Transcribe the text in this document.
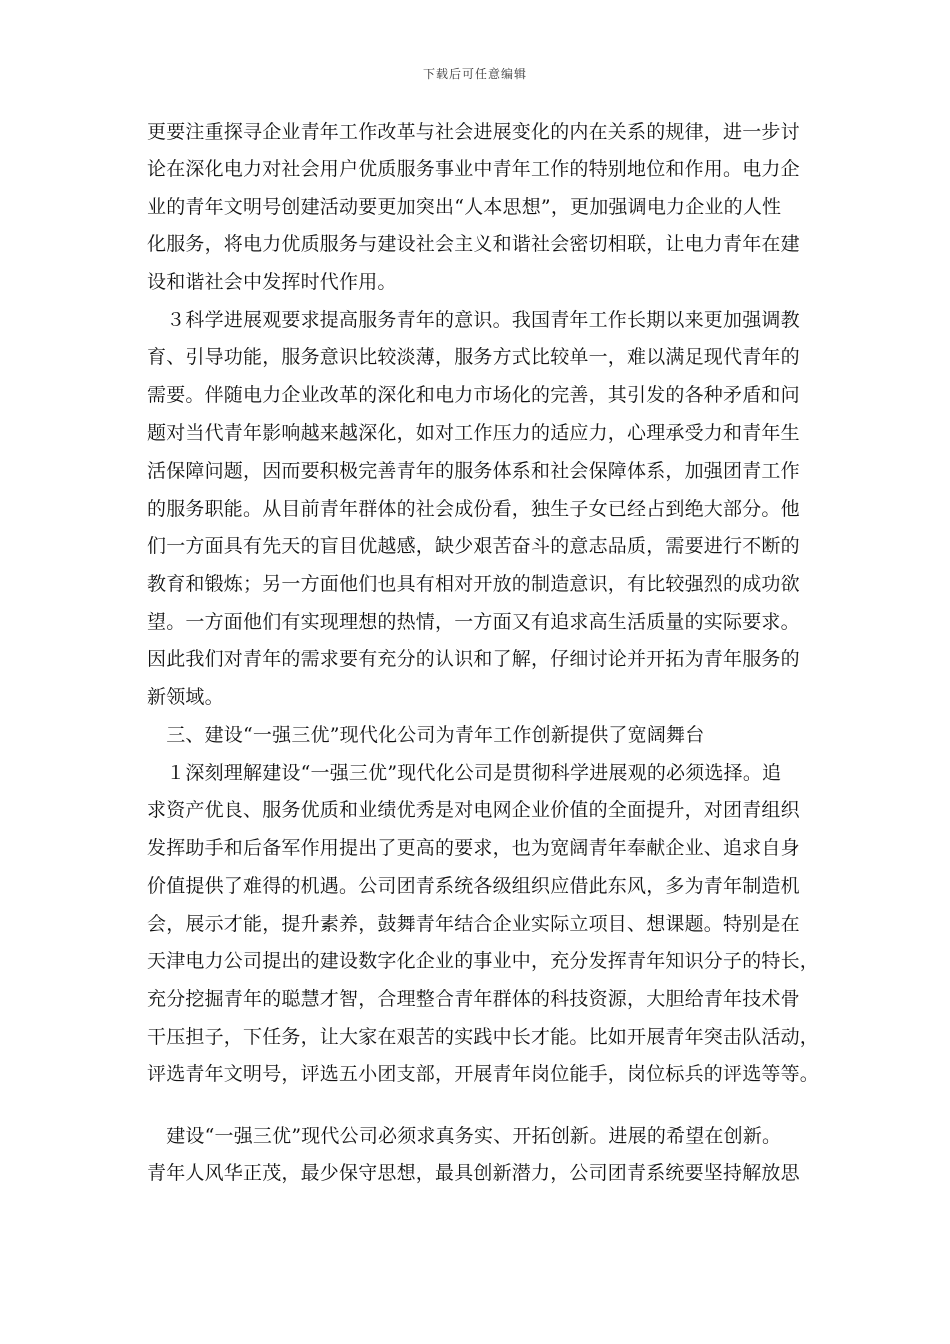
下载后可任意编辑
更要注重探寻企业青年工作改革与社会进展变化的内在关系的规律，进一步讨
论在深化电力对社会用户优质服务事业中青年工作的特别地位和作用。电力企
业的青年文明号创建活动要更加突出“人本思想”，更加强调电力企业的人性
化服务，将电力优质服务与建设社会主义和谐社会密切相联，让电力青年在建
设和谐社会中发挥时代作用。
　３科学进展观要求提高服务青年的意识。我国青年工作长期以来更加强调教
育、引导功能，服务意识比较淡薄，服务方式比较单一，难以满足现代青年的
需要。伴随电力企业改革的深化和电力市场化的完善，其引发的各种矛盾和问
题对当代青年影响越来越深化，如对工作压力的适应力，心理承受力和青年生
活保障问题，因而要积极完善青年的服务体系和社会保障体系，加强团青工作
的服务职能。从目前青年群体的社会成份看，独生子女已经占到绝大部分。他
们一方面具有先天的盲目优越感，缺少艰苦奋斗的意志品质，需要进行不断的
教育和锻炼；另一方面他们也具有相对开放的制造意识，有比较强烈的成功欲
望。一方面他们有实现理想的热情，一方面又有追求高生活质量的实际要求。
因此我们对青年的需求要有充分的认识和了解，仔细讨论并开拓为青年服务的
新领域。
　三、建设“一强三优”现代化公司为青年工作创新提供了宽阔舞台
　１深刻理解建设“一强三优”现代化公司是贯彻科学进展观的必须选择。追
求资产优良、服务优质和业绩优秀是对电网企业价值的全面提升，对团青组织
发挥助手和后备军作用提出了更高的要求，也为宽阔青年奉献企业、追求自身
价值提供了难得的机遇。公司团青系统各级组织应借此东风，多为青年制造机
会，展示才能，提升素养，鼓舞青年结合企业实际立项目、想课题。特别是在
天津电力公司提出的建设数字化企业的事业中，充分发挥青年知识分子的特长，
充分挖掘青年的聪慧才智，合理整合青年群体的科技资源，大胆给青年技术骨
干压担子，下任务，让大家在艰苦的实践中长才能。比如开展青年突击队活动，
评选青年文明号，评选五小团支部，开展青年岗位能手，岗位标兵的评选等等。
　建设“一强三优”现代公司必须求真务实、开拓创新。进展的希望在创新。
青年人风华正茂，最少保守思想，最具创新潜力，公司团青系统要坚持解放思
